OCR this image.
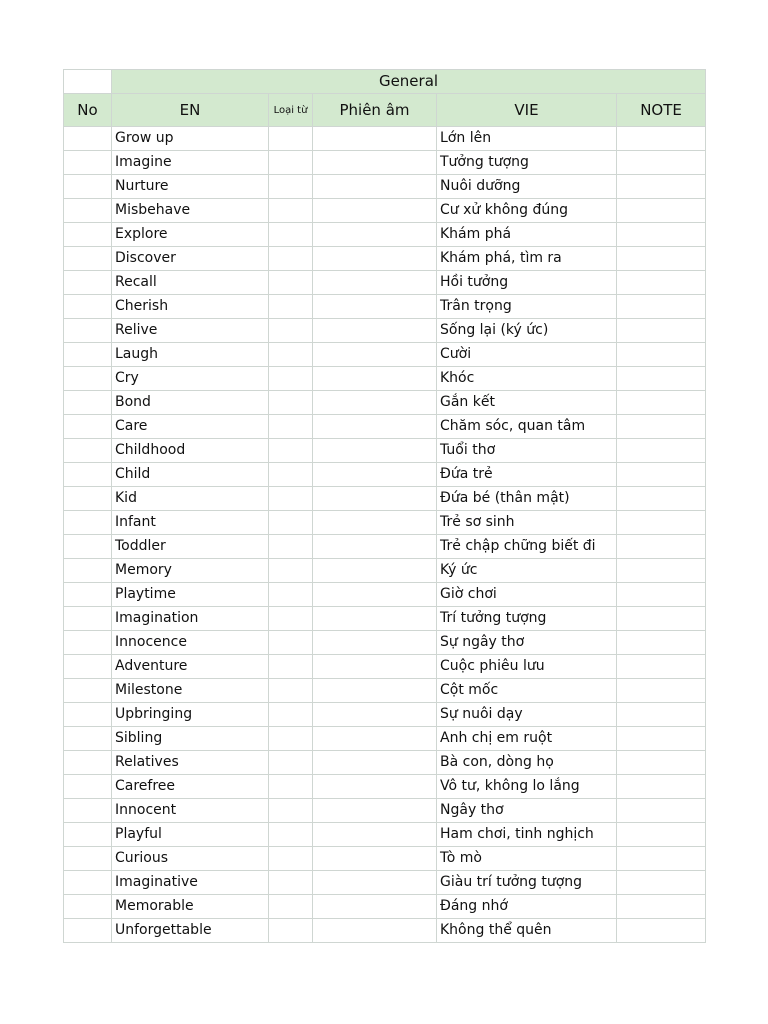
	General				
No	EN	Loại từ	Phiên âm	VIE	NOTE
	Grow up			Lớn lên	
	Imagine			Tưởng tượng	
	Nurture			Nuôi dưỡng	
	Misbehave			Cư xử không đúng	
	Explore			Khám phá	
	Discover			Khám phá, tìm ra	
	Recall			Hồi tưởng	
	Cherish			Trân trọng	
	Relive			Sống lại (ký ức)	
	Laugh			Cười	
	Cry			Khóc	
	Bond			Gắn kết	
	Care			Chăm sóc, quan tâm	
	Childhood			Tuổi thơ	
	Child			Đứa trẻ	
	Kid			Đứa bé (thân mật)	
	Infant			Trẻ sơ sinh	
	Toddler			Trẻ chập chững biết đi	
	Memory			Ký ức	
	Playtime			Giờ chơi	
	Imagination			Trí tưởng tượng	
	Innocence			Sự ngây thơ	
	Adventure			Cuộc phiêu lưu	
	Milestone			Cột mốc	
	Upbringing			Sự nuôi dạy	
	Sibling			Anh chị em ruột	
	Relatives			Bà con, dòng họ	
	Carefree			Vô tư, không lo lắng	
	Innocent			Ngây thơ	
	Playful			Ham chơi, tinh nghịch	
	Curious			Tò mò	
	Imaginative			Giàu trí tưởng tượng	
	Memorable			Đáng nhớ	
	Unforgettable			Không thể quên	
